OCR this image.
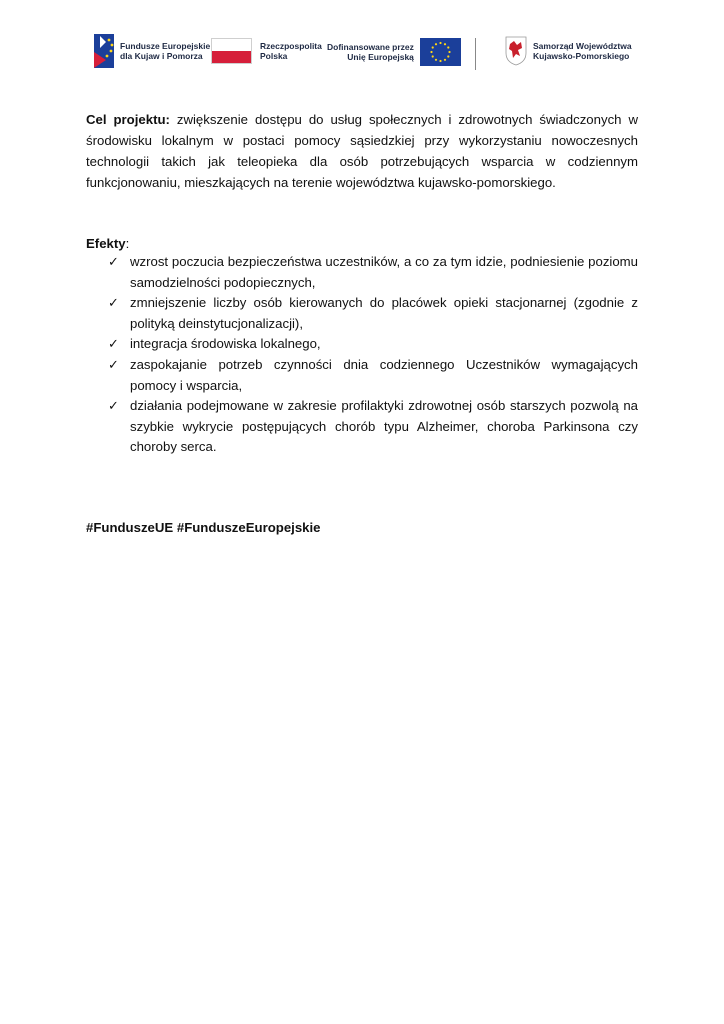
Fundusze Europejskie
dla Kujaw i Pomorza
Rzeczpospolita
Polska
Dofinansowane przez
Unię Europejską
Samorząd Województwa
Kujawsko-Pomorskiego

Cel projektu: zwiększenie dostępu do usług społecznych i zdrowotnych świadczonych w środowisku lokalnym w postaci pomocy sąsiedzkiej przy wykorzystaniu nowoczesnych technologii takich jak teleopieka dla osób potrzebujących wsparcia w codziennym funkcjonowaniu, mieszkających na terenie województwa kujawsko-pomorskiego.

Efekty:
✓ wzrost poczucia bezpieczeństwa uczestników, a co za tym idzie, podniesienie poziomu samodzielności podopiecznych,
✓ zmniejszenie liczby osób kierowanych do placówek opieki stacjonarnej (zgodnie z polityką deinstytucjonalizacji),
✓ integracja środowiska lokalnego,
✓ zaspokajanie potrzeb czynności dnia codziennego Uczestników wymagających pomocy i wsparcia,
✓ działania podejmowane w zakresie profilaktyki zdrowotnej osób starszych pozwolą na szybkie wykrycie postępujących chorób typu Alzheimer, choroba Parkinsona czy choroby serca.
#FunduszeUE #FunduszeEuropejskie
